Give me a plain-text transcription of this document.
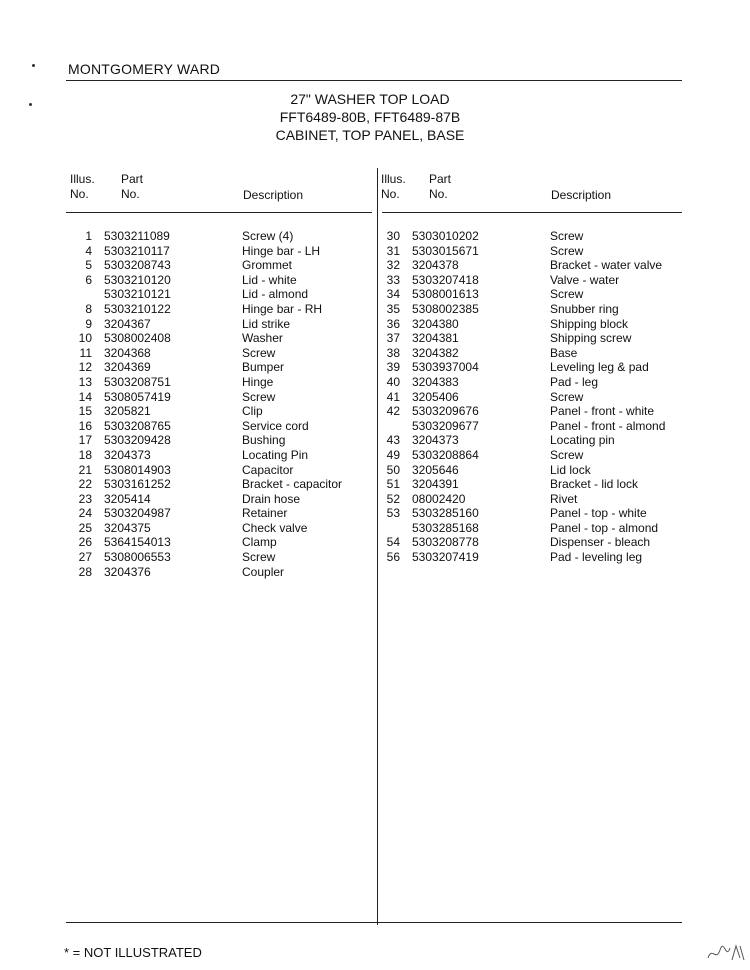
MONTGOMERY WARD
27" WASHER TOP LOAD
FFT6489-80B, FFT6489-87B
CABINET, TOP PANEL, BASE
Illus.
No.
Part
No.	Description
Illus.
No.
Part
No.	Description
1 5303211089	Screw (4)
4 5303210117	Hinge bar - LH
5 5303208743	Grommet
6 5303210120	Lid - white
5303210121	Lid - almond
8 5303210122	Hinge bar - RH
9 3204367	Lid strike
10 5308002408	Washer
11 3204368	Screw
12 3204369	Bumper
13 5303208751	Hinge
14 5308057419	Screw
15 3205821	Clip
16 5303208765	Service cord
17 5303209428	Bushing
18 3204373	Locating Pin
21 5308014903	Capacitor
22 5303161252	Bracket - capacitor
23 3205414	Drain hose
24 5303204987	Retainer
25 3204375	Check valve
26 5364154013	Clamp
27 5308006553	Screw
28 3204376	Coupler
30 5303010202	Screw
31 5303015671	Screw
32 3204378	Bracket - water valve
33 5303207418	Valve - water
34 5308001613	Screw
35 5308002385	Snubber ring
36 3204380	Shipping block
37 3204381	Shipping screw
38 3204382	Base
39 5303937004	Leveling leg & pad
40 3204383	Pad - leg
41 3205406	Screw
42 5303209676	Panel - front - white
5303209677	Panel - front - almond
43 3204373	Locating pin
49 5303208864	Screw
50 3205646	Lid lock
51 3204391	Bracket - lid lock
52 08002420	Rivet
53 5303285160	Panel - top - white
5303285168	Panel - top - almond
54 5303208778	Dispenser - bleach
56 5303207419	Pad - leveling leg
* = NOT ILLUSTRATED
